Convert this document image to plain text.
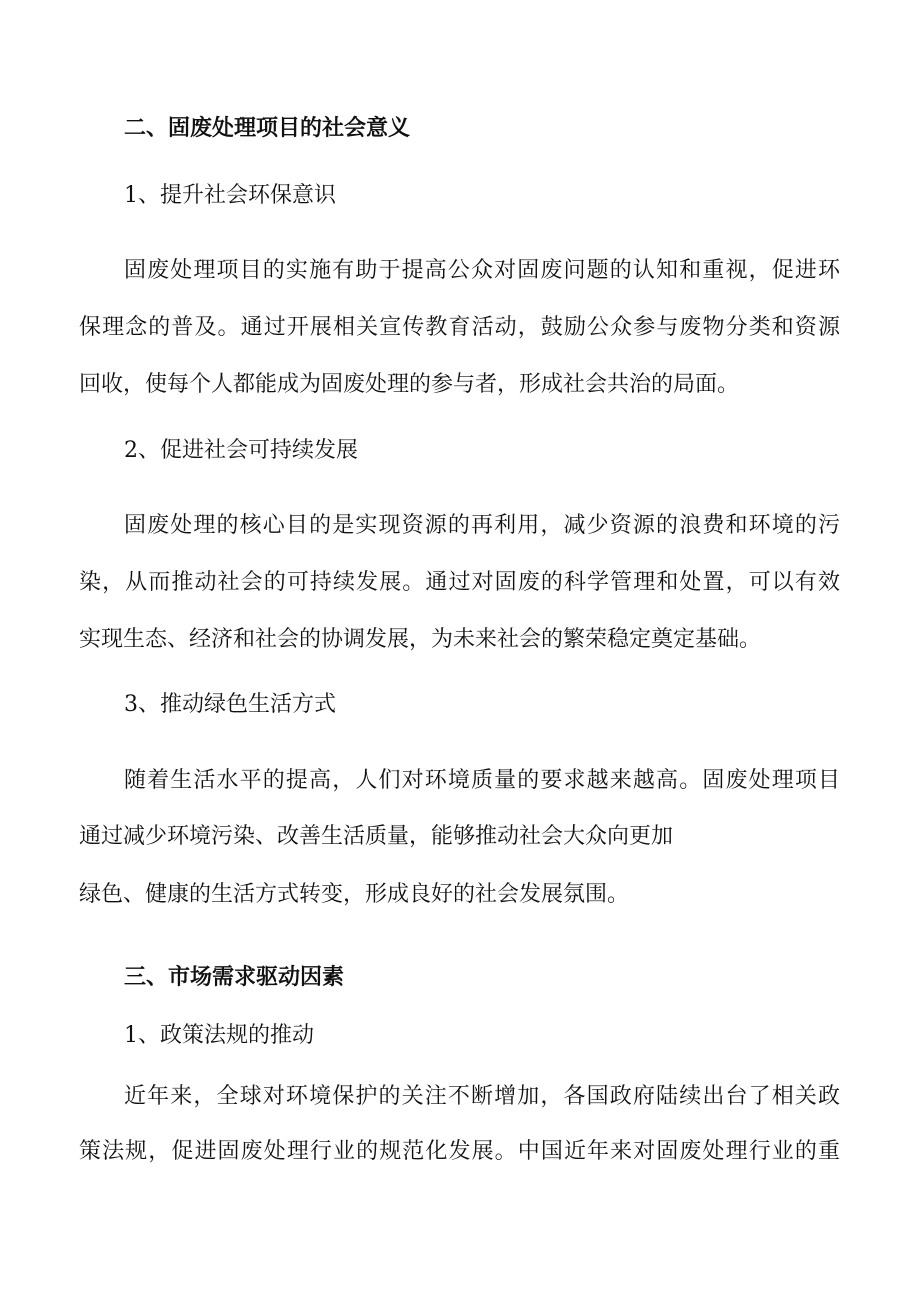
二、固废处理项目的社会意义
1、提升社会环保意识
固废处理项目的实施有助于提高公众对固废问题的认知和重视，促进环
保理念的普及。通过开展相关宣传教育活动，鼓励公众参与废物分类和资源
回收，使每个人都能成为固废处理的参与者，形成社会共治的局面。
2、促进社会可持续发展
固废处理的核心目的是实现资源的再利用，减少资源的浪费和环境的污
染，从而推动社会的可持续发展。通过对固废的科学管理和处置，可以有效
实现生态、经济和社会的协调发展，为未来社会的繁荣稳定奠定基础。
3、推动绿色生活方式
随着生活水平的提高，人们对环境质量的要求越来越高。固废处理项目
通过减少环境污染、改善生活质量，能够推动社会大众向更加
绿色、健康的生活方式转变，形成良好的社会发展氛围。
三、市场需求驱动因素
1、政策法规的推动
近年来，全球对环境保护的关注不断增加，各国政府陆续出台了相关政
策法规，促进固废处理行业的规范化发展。中国近年来对固废处理行业的重
